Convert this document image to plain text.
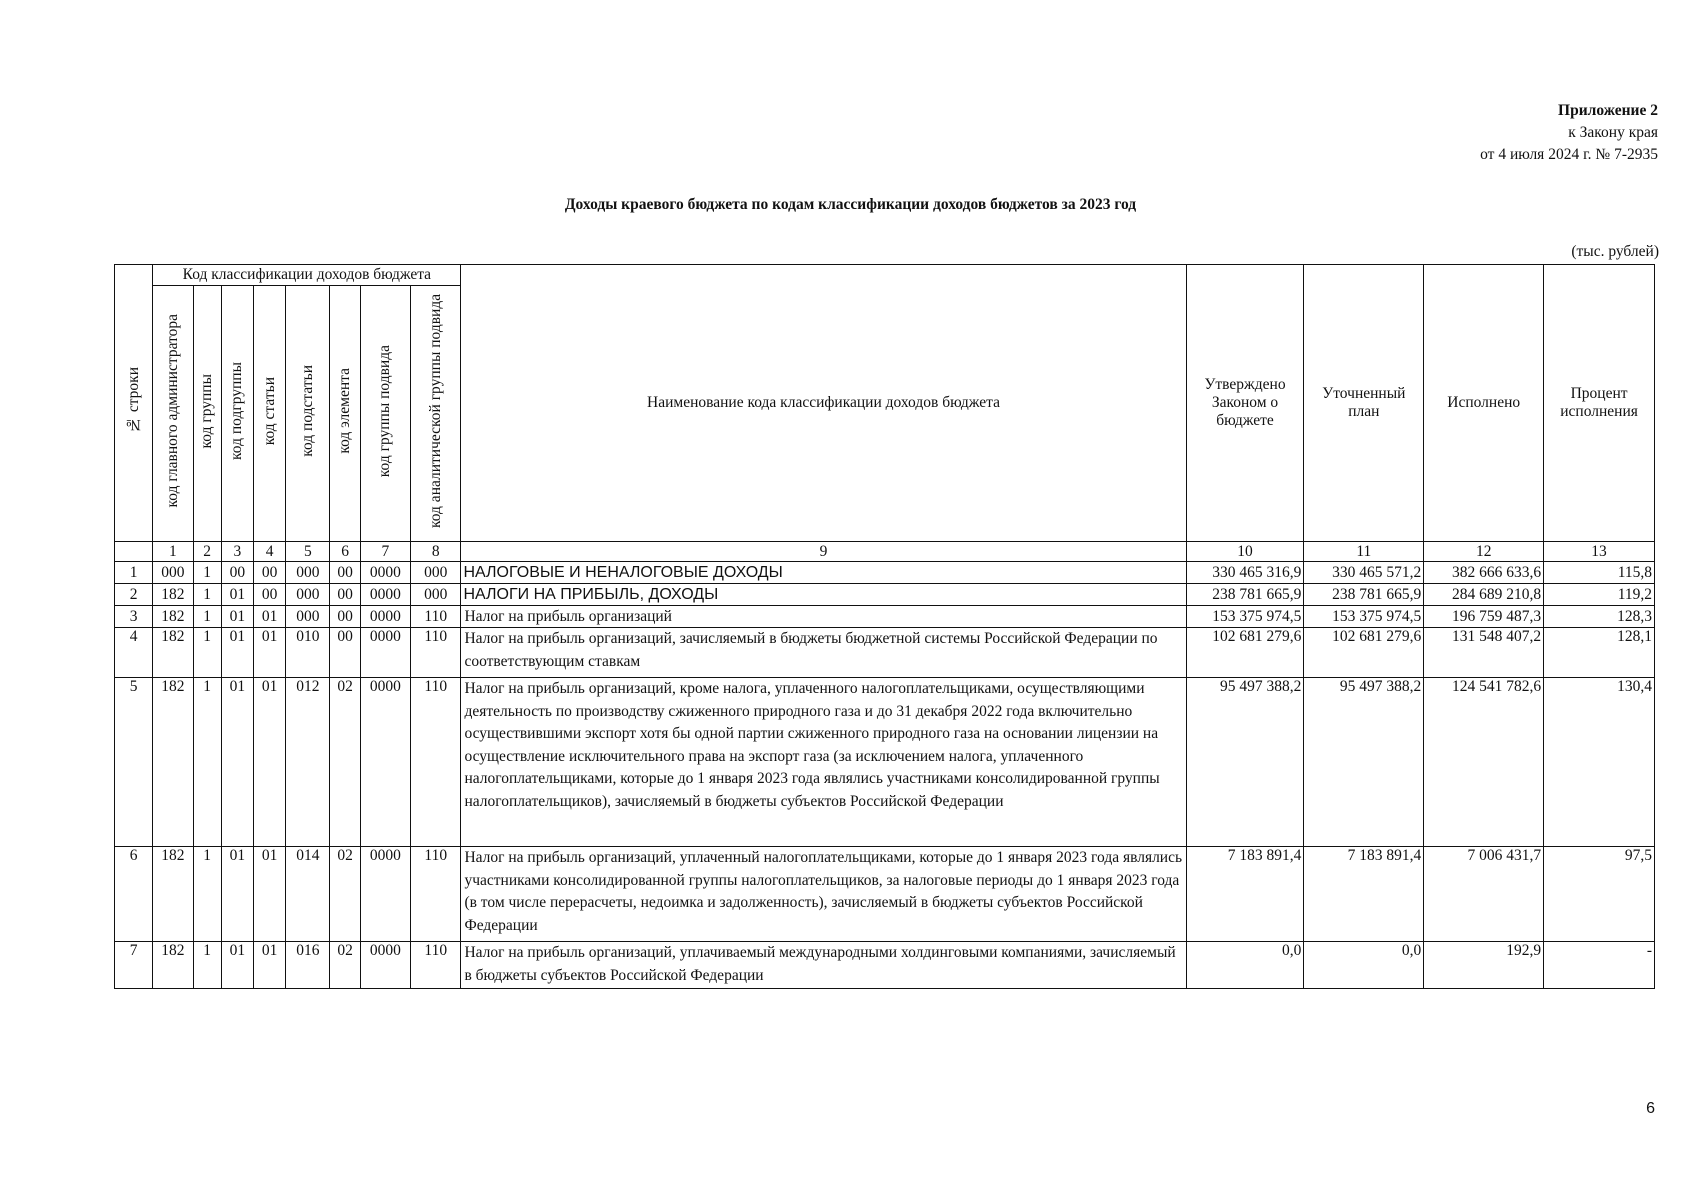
Приложение 2
к Закону края
от 4 июля 2024 г. № 7-2935
Доходы краевого бюджета по кодам классификации доходов бюджетов за 2023 год
(тыс. рублей)
№ строки	Код классификации доходов бюджета								Наименование кода классификации доходов бюджета	Утверждено Законом о бюджете	Уточненный план	Исполнено	Процент исполнения
	код главного администратора	код группы	код подгруппы	код статьи	код подстатьи	код элемента	код группы подвида	код аналитической группы подвида					
	1	2	3	4	5	6	7	8	9	10	11	12	13
1	000	1	00	00	000	00	0000	000	НАЛОГОВЫЕ И НЕНАЛОГОВЫЕ ДОХОДЫ	330 465 316,9	330 465 571,2	382 666 633,6	115,8
2	182	1	01	00	000	00	0000	000	НАЛОГИ НА ПРИБЫЛЬ, ДОХОДЫ	238 781 665,9	238 781 665,9	284 689 210,8	119,2
3	182	1	01	01	000	00	0000	110	Налог на прибыль организаций	153 375 974,5	153 375 974,5	196 759 487,3	128,3
4	182	1	01	01	010	00	0000	110	Налог на прибыль организаций, зачисляемый в бюджеты бюджетной системы Российской Федерации по соответствующим ставкам	102 681 279,6	102 681 279,6	131 548 407,2	128,1
5	182	1	01	01	012	02	0000	110	Налог на прибыль организаций, кроме налога, уплаченного налогоплательщиками, осуществляющими деятельность по производству сжиженного природного газа и до 31 декабря 2022 года включительно осуществившими экспорт хотя бы одной партии сжиженного природного газа на основании лицензии на осуществление исключительного права на экспорт газа (за исключением налога, уплаченного налогоплательщиками, которые до 1 января 2023 года являлись участниками консолидированной группы налогоплательщиков), зачисляемый в бюджеты субъектов Российской Федерации	95 497 388,2	95 497 388,2	124 541 782,6	130,4
6	182	1	01	01	014	02	0000	110	Налог на прибыль организаций, уплаченный налогоплательщиками, которые до 1 января 2023 года являлись участниками консолидированной группы налогоплательщиков, за налоговые периоды до 1 января 2023 года (в том числе перерасчеты, недоимка и задолженность), зачисляемый в бюджеты субъектов Российской Федерации	7 183 891,4	7 183 891,4	7 006 431,7	97,5
7	182	1	01	01	016	02	0000	110	Налог на прибыль организаций, уплачиваемый международными холдинговыми компаниями, зачисляемый в бюджеты субъектов Российской Федерации	0,0	0,0	192,9	-
6
